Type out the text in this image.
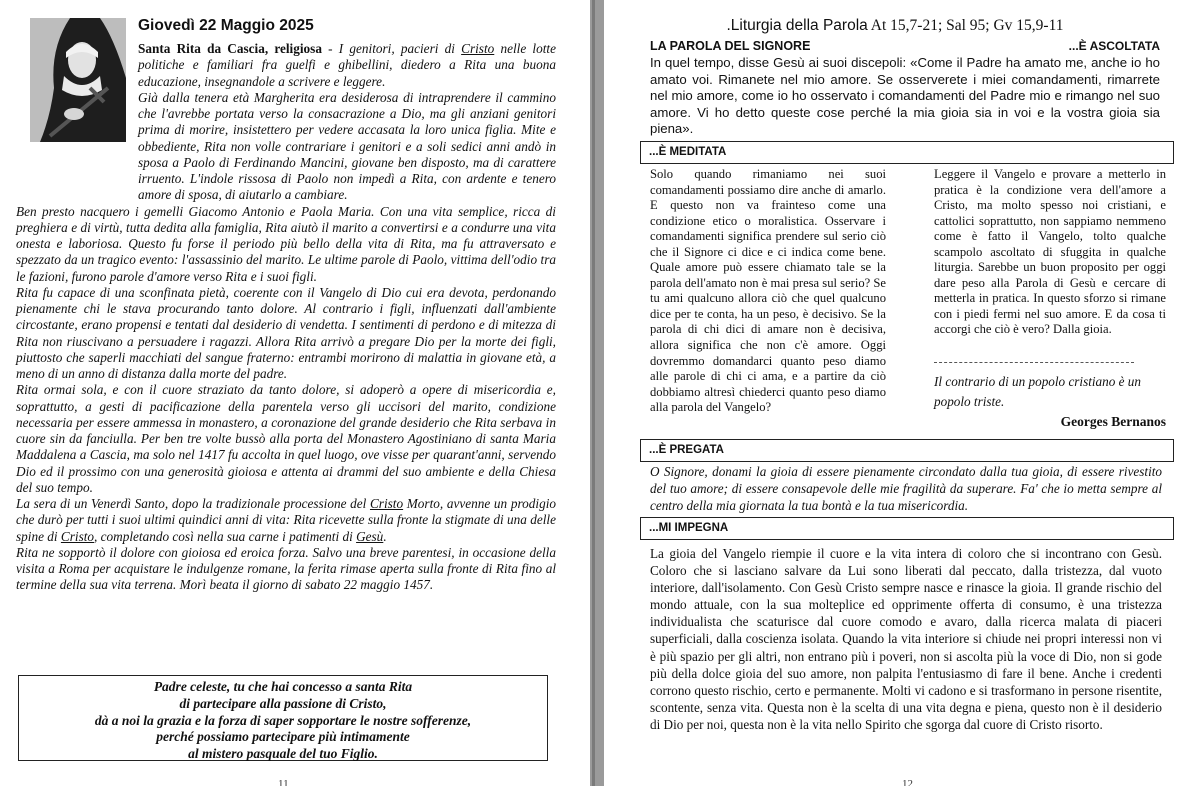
Giovedì 22 Maggio 2025

Santa Rita da Cascia, religiosa - I genitori, pacieri di Cristo nelle lotte politiche e familiari fra guelfi e ghibellini, diedero a Rita una buona educazione, insegnandole a scrivere e leggere.

Già dalla tenera età Margherita era desiderosa di intraprendere il cammino che l'avrebbe portata verso la consacrazione a Dio, ma gli anziani genitori prima di morire, insistettero per vedere accasata la loro unica figlia. Mite e obbediente, Rita non volle contrariare i genitori e a soli sedici anni andò in sposa a Paolo di Ferdinando Mancini, giovane ben disposto, ma di carattere irruento. L'indole rissosa di Paolo non impedì a Rita, con ardente e tenero amore di sposa, di aiutarlo a cambiare.

Ben presto nacquero i gemelli Giacomo Antonio e Paola Maria. Con una vita semplice, ricca di preghiera e di virtù, tutta dedita alla famiglia, Rita aiutò il marito a convertirsi e a condurre una vita onesta e laboriosa. Questo fu forse il periodo più bello della vita di Rita, ma fu attraversato e spezzato da un tragico evento: l'assassinio del marito. Le ultime parole di Paolo, vittima dell'odio tra le fazioni, furono parole d'amore verso Rita e i suoi figli.

Rita fu capace di una sconfinata pietà, coerente con il Vangelo di Dio cui era devota, perdonando pienamente chi le stava procurando tanto dolore. Al contrario i figli, influenzati dall'ambiente circostante, erano propensi e tentati dal desiderio di vendetta. I sentimenti di perdono e di mitezza di Rita non riuscivano a persuadere i ragazzi. Allora Rita arrivò a pregare Dio per la morte dei figli, piuttosto che saperli macchiati del sangue fraterno: entrambi morirono di malattia in giovane età, a meno di un anno di distanza dalla morte del padre.

Rita ormai sola, e con il cuore straziato da tanto dolore, si adoperò a opere di misericordia e, soprattutto, a gesti di pacificazione della parentela verso gli uccisori del marito, condizione necessaria per essere ammessa in monastero, a coronazione del grande desiderio che Rita serbava in cuore sin da fanciulla. Per ben tre volte bussò alla porta del Monastero Agostiniano di santa Maria Maddalena a Cascia, ma solo nel 1417 fu accolta in quel luogo, ove visse per quarant'anni, servendo Dio ed il prossimo con una generosità gioiosa e attenta ai drammi del suo ambiente e della Chiesa del suo tempo.

La sera di un Venerdì Santo, dopo la tradizionale processione del Cristo Morto, avvenne un prodigio che durò per tutti i suoi ultimi quindici anni di vita: Rita ricevette sulla fronte la stigmate di una delle spine di Cristo, completando così nella sua carne i patimenti di Gesù.

Rita ne sopportò il dolore con gioiosa ed eroica forza. Salvo una breve parentesi, in occasione della visita a Roma per acquistare le indulgenze romane, la ferita rimase aperta sulla fronte di Rita fino al termine della sua vita terrena. Morì beata il giorno di sabato 22 maggio 1457.

Padre celeste, tu che hai concesso a santa Rita
di partecipare alla passione di Cristo,
dà a noi la grazia e la forza di saper sopportare le nostre sofferenze,
perché possiamo partecipare più intimamente
al mistero pasquale del tuo Figlio.
11
.Liturgia della Parola At 15,7-21; Sal 95; Gv 15,9-11
LA PAROLA DEL SIGNORE	...È ASCOLTATA
In quel tempo, disse Gesù ai suoi discepoli: «Come il Padre ha amato me, anche io ho amato voi. Rimanete nel mio amore. Se osserverete i miei comandamenti, rimarrete nel mio amore, come io ho osservato i comandamenti del Padre mio e rimango nel suo amore. Vi ho detto queste cose perché la mia gioia sia in voi e la vostra gioia sia piena».
...È MEDITATA
Solo quando rimaniamo nei suoi comandamenti possiamo dire anche di amarlo. E questo non va frainteso come una condizione etico o moralistica. Osservare i comandamenti significa prendere sul serio ciò che il Signore ci dice e ci indica come bene. Quale amore può essere chiamato tale se la parola dell'amato non è mai presa sul serio? Se tu ami qualcuno allora ciò che quel qualcuno dice per te conta, ha un peso, è decisivo. Se la parola di chi dici di amare non è decisiva, allora significa che non c'è amore. Oggi dovremmo domandarci quanto peso diamo alle parole di chi ci ama, e a partire da ciò dobbiamo altresì chiederci quanto peso diamo alla parola del Vangelo?
Leggere il Vangelo e provare a metterlo in pratica è la condizione vera dell'amore a Cristo, ma molto spesso noi cristiani, e cattolici soprattutto, non sappiamo nemmeno come è fatto il Vangelo, tolto qualche scampolo ascoltato di sfuggita in qualche liturgia. Sarebbe un buon proposito per oggi dare peso alla Parola di Gesù e cercare di metterla in pratica. In questo sforzo si rimane con i piedi fermi nel suo amore. E da cosa ti accorgi che ciò è vero? Dalla gioia.
Il contrario di un popolo cristiano è un popolo triste.
Georges Bernanos
...È PREGATA
O Signore, donami la gioia di essere pienamente circondato dalla tua gioia, di essere rivestito del tuo amore; di essere consapevole delle mie fragilità da superare. Fa' che io metta sempre al centro della mia giornata la tua bontà e la tua misericordia.
...MI IMPEGNA
La gioia del Vangelo riempie il cuore e la vita intera di coloro che si incontrano con Gesù. Coloro che si lasciano salvare da Lui sono liberati dal peccato, dalla tristezza, dal vuoto interiore, dall'isolamento. Con Gesù Cristo sempre nasce e rinasce la gioia. Il grande rischio del mondo attuale, con la sua molteplice ed opprimente offerta di consumo, è una tristezza individualista che scaturisce dal cuore comodo e avaro, dalla ricerca malata di piaceri superficiali, dalla coscienza isolata. Quando la vita interiore si chiude nei propri interessi non vi è più spazio per gli altri, non entrano più i poveri, non si ascolta più la voce di Dio, non si gode più della dolce gioia del suo amore, non palpita l'entusiasmo di fare il bene. Anche i credenti corrono questo rischio, certo e permanente. Molti vi cadono e si trasformano in persone risentite, scontente, senza vita. Questa non è la scelta di una vita degna e piena, questo non è il desiderio di Dio per noi, questa non è la vita nello Spirito che sgorga dal cuore di Cristo risorto.
12
